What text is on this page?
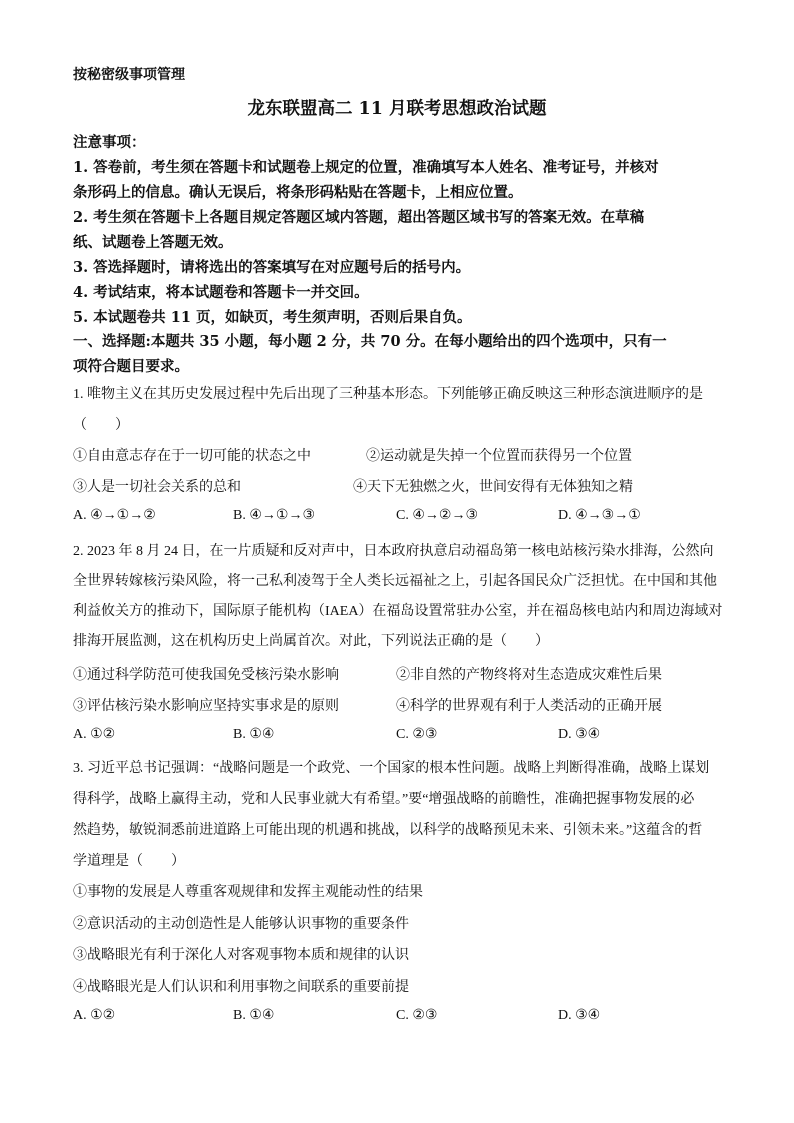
按秘密级事项管理
龙东联盟高二 11 月联考思想政治试题
注意事项：
1. 答卷前，考生须在答题卡和试题卷上规定的位置，准确填写本人姓名、准考证号，并核对
条形码上的信息。确认无误后，将条形码粘贴在答题卡，上相应位置。
2. 考生须在答题卡上各题目规定答题区域内答题，超出答题区域书写的答案无效。在草稿
纸、试题卷上答题无效。
3. 答选择题时，请将选出的答案填写在对应题号后的括号内。
4. 考试结束，将本试题卷和答题卡一并交回。
5. 本试题卷共 11 页，如缺页，考生须声明，否则后果自负。
一、选择题:本题共 35 小题，每小题 2 分，共 70 分。在每小题给出的四个选项中，只有一
项符合题目要求。
1. 唯物主义在其历史发展过程中先后出现了三种基本形态。下列能够正确反映这三种形态演进顺序的是
（　　）
①自由意志存在于一切可能的状态之中	②运动就是失掉一个位置而获得另一个位置
③人是一切社会关系的总和	④天下无独燃之火，世间安得有无体独知之精
A. ④→①→②	B. ④→①→③	C. ④→②→③	D. ④→③→①
2. 2023 年 8 月 24 日，在一片质疑和反对声中，日本政府执意启动福岛第一核电站核污染水排海，公然向
全世界转嫁核污染风险，将一己私利凌驾于全人类长远福祉之上，引起各国民众广泛担忧。在中国和其他
利益攸关方的推动下，国际原子能机构（IAEA）在福岛设置常驻办公室，并在福岛核电站内和周边海域对
排海开展监测，这在机构历史上尚属首次。对此，下列说法正确的是（　　）
①通过科学防范可使我国免受核污染水影响	②非自然的产物终将对生态造成灾难性后果
③评估核污染水影响应坚持实事求是的原则	④科学的世界观有利于人类活动的正确开展
A. ①②	B. ①④	C. ②③	D. ③④
3. 习近平总书记强调：“战略问题是一个政党、一个国家的根本性问题。战略上判断得准确，战略上谋划
得科学，战略上赢得主动，党和人民事业就大有希望。”要“增强战略的前瞻性，准确把握事物发展的必
然趋势，敏锐洞悉前进道路上可能出现的机遇和挑战，以科学的战略预见未来、引领未来。”这蕴含的哲
学道理是（　　）
①事物的发展是人尊重客观规律和发挥主观能动性的结果
②意识活动的主动创造性是人能够认识事物的重要条件
③战略眼光有利于深化人对客观事物本质和规律的认识
④战略眼光是人们认识和利用事物之间联系的重要前提
A. ①②	B. ①④	C. ②③	D. ③④
